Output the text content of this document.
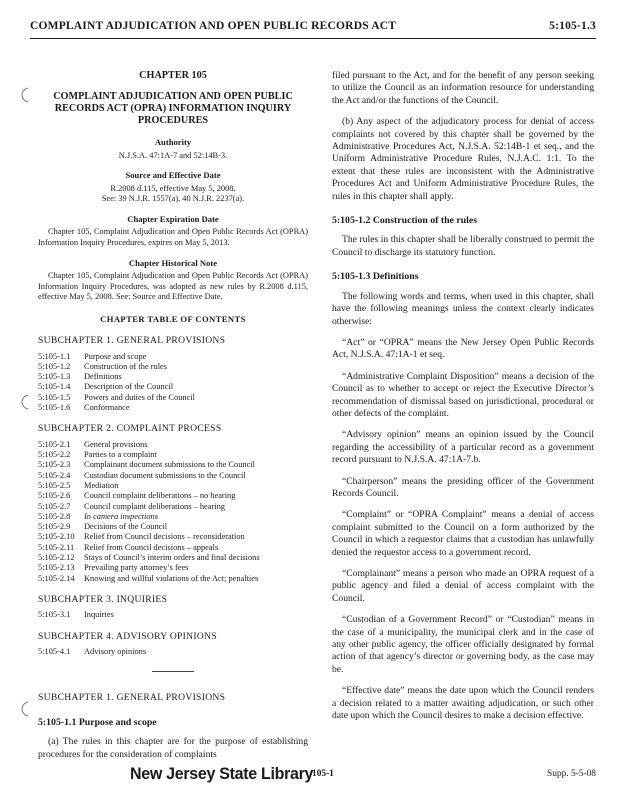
COMPLAINT ADJUDICATION AND OPEN PUBLIC RECORDS ACT	5:105-1.3
CHAPTER 105
COMPLAINT ADJUDICATION AND OPEN PUBLIC RECORDS ACT (OPRA) INFORMATION INQUIRY PROCEDURES
Authority
N.J.S.A. 47:1A-7 and 52:14B-3.
Source and Effective Date
R.2008 d.115, effective May 5, 2008.
See: 39 N.J.R. 1557(a), 40 N.J.R. 2237(a).
Chapter Expiration Date
Chapter 105, Complaint Adjudication and Open Public Records Act (OPRA) Information Inquiry Procedures, expires on May 5, 2013.
Chapter Historical Note
Chapter 105, Complaint Adjudication and Open Public Records Act (OPRA) Information Inquiry Procedures, was adopted as new rules by R.2008 d.115, effective May 5, 2008. See: Source and Effective Date.
CHAPTER TABLE OF CONTENTS
SUBCHAPTER 1. GENERAL PROVISIONS
5:105-1.1	Purpose and scope
5:105-1.2	Construction of the rules
5:105-1.3	Definitions
5:105-1.4	Description of the Council
5:105-1.5	Powers and duties of the Council
5:105-1.6	Conformance
SUBCHAPTER 2. COMPLAINT PROCESS
5:105-2.1	General provisions
5:105-2.2	Parties to a complaint
5:105-2.3	Complainant document submissions to the Council
5:105-2.4	Custodian document submissions to the Council
5:105-2.5	Mediation
5:105-2.6	Council complaint deliberations – no hearing
5:105-2.7	Council complaint deliberations – hearing
5:105-2.8	In camera inspections
5:105-2.9	Decisions of the Council
5:105-2.10	Relief from Council decisions – reconsideration
5:105-2.11	Relief from Council decisions – appeals
5:105-2.12	Stays of Council’s interim orders and final decisions
5:105-2.13	Prevailing party attorney’s fees
5:105-2.14	Knowing and willful violations of the Act; penalties
SUBCHAPTER 3. INQUIRIES
5:105-3.1	Inquiries
SUBCHAPTER 4. ADVISORY OPINIONS
5:105-4.1	Advisory opinions
SUBCHAPTER 1. GENERAL PROVISIONS
5:105-1.1 Purpose and scope
(a) The rules in this chapter are for the purpose of establishing procedures for the consideration of complaints
filed pursuant to the Act, and for the benefit of any person seeking to utilize the Council as an information resource for understanding the Act and/or the functions of the Council.
(b) Any aspect of the adjudicatory process for denial of access complaints not covered by this chapter shall be governed by the Administrative Procedures Act, N.J.S.A. 52:14B-1 et seq., and the Uniform Administrative Procedure Rules, N.J.A.C. 1:1. To the extent that these rules are inconsistent with the Administrative Procedures Act and Uniform Administrative Procedure Rules, the rules in this chapter shall apply.
5:105-1.2 Construction of the rules
The rules in this chapter shall be liberally construed to permit the Council to discharge its statutory function.
5:105-1.3 Definitions
The following words and terms, when used in this chapter, shall have the following meanings unless the context clearly indicates otherwise:
“Act” or “OPRA” means the New Jersey Open Public Records Act, N.J.S.A. 47:1A-1 et seq.
“Administrative Complaint Disposition” means a decision of the Council as to whether to accept or reject the Executive Director’s recommendation of dismissal based on jurisdictional, procedural or other defects of the complaint.
“Advisory opinion” means an opinion issued by the Council regarding the accessibility of a particular record as a government record pursuant to N.J.S.A. 47:1A-7.b.
“Chairperson” means the presiding officer of the Government Records Council.
“Complaint” or “OPRA Complaint” means a denial of access complaint submitted to the Council on a form authorized by the Council in which a requestor claims that a custodian has unlawfully denied the requestor access to a government record.
“Complainant” means a person who made an OPRA request of a public agency and filed a denial of access complaint with the Council.
“Custodian of a Government Record” or “Custodian” means in the case of a municipality, the municipal clerk and in the case of any other public agency, the officer officially designated by formal action of that agency’s director or governing body, as the case may be.
“Effective date” means the date upon which the Council renders a decision related to a matter awaiting adjudication, or such other date upon which the Council desires to make a decision effective.
New Jersey State Library
105-1	Supp. 5-5-08
